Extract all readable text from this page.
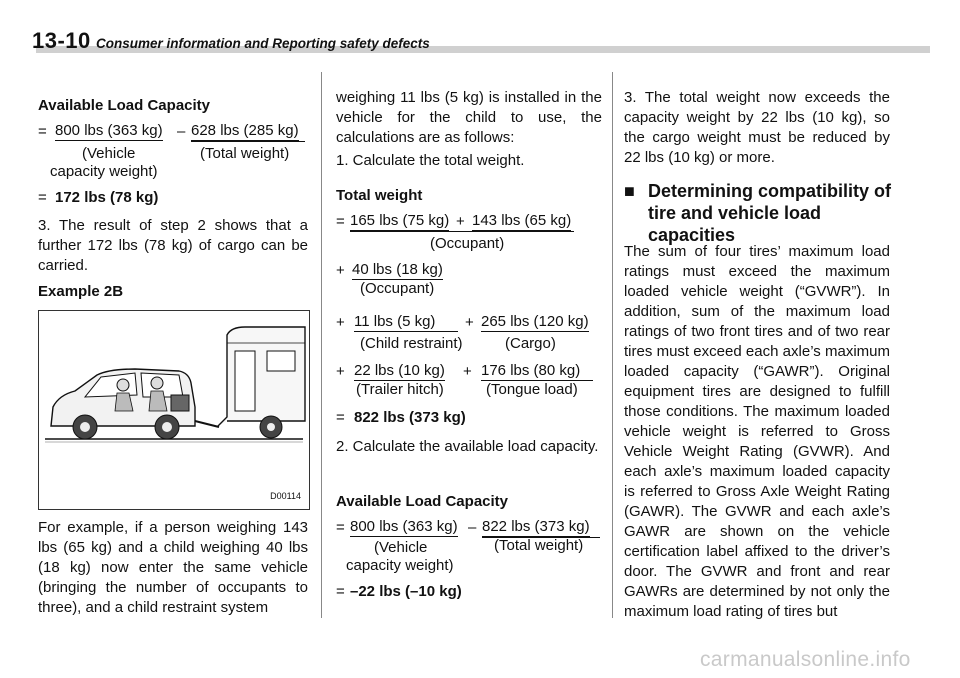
13-10 Consumer information and Reporting safety defects
Available Load Capacity
= 800 lbs (363 kg) – 628 lbs (285 kg)
(Vehicle
capacity weight)
(Total weight)
= 172 lbs (78 kg)
3. The result of step 2 shows that a further 172 lbs (78 kg) of cargo can be carried.
Example 2B
D00114
For example, if a person weighing 143 lbs (65 kg) and a child weighing 40 lbs (18 kg) now enter the same vehicle (bringing the number of occupants to three), and a child restraint system
weighing 11 lbs (5 kg) is installed in the vehicle for the child to use, the calculations are as follows:
1. Calculate the total weight.
Total weight
= 165 lbs (75 kg) + 143 lbs (65 kg)
(Occupant)
+ 40 lbs (18 kg)
(Occupant)
+ 11 lbs (5 kg) + 265 lbs (120 kg)
(Child restraint)	(Cargo)
+ 22 lbs (10 kg) + 176 lbs (80 kg)
(Trailer hitch)	(Tongue load)
= 822 lbs (373 kg)
2. Calculate the available load capacity.
Available Load Capacity
= 800 lbs (363 kg) – 822 lbs (373 kg)
(Vehicle
capacity weight)
(Total weight)
= –22 lbs (–10 kg)
3. The total weight now exceeds the capacity weight by 22 lbs (10 kg), so the cargo weight must be reduced by 22 lbs (10 kg) or more.
■ Determining compatibility of tire and vehicle load capacities
The sum of four tires’ maximum load ratings must exceed the maximum loaded vehicle weight (“GVWR”). In addition, sum of the maximum load ratings of two front tires and of two rear tires must exceed each axle’s maximum loaded capacity (“GAWR”). Original equipment tires are designed to fulfill those conditions. The maximum loaded vehicle weight is referred to Gross Vehicle Weight Rating (GVWR). And each axle’s maximum loaded capacity is referred to Gross Axle Weight Rating (GAWR). The GVWR and each axle’s GAWR are shown on the vehicle certification label affixed to the driver’s door. The GVWR and front and rear GAWRs are determined by not only the maximum load rating of tires but
carmanualsonline.info
